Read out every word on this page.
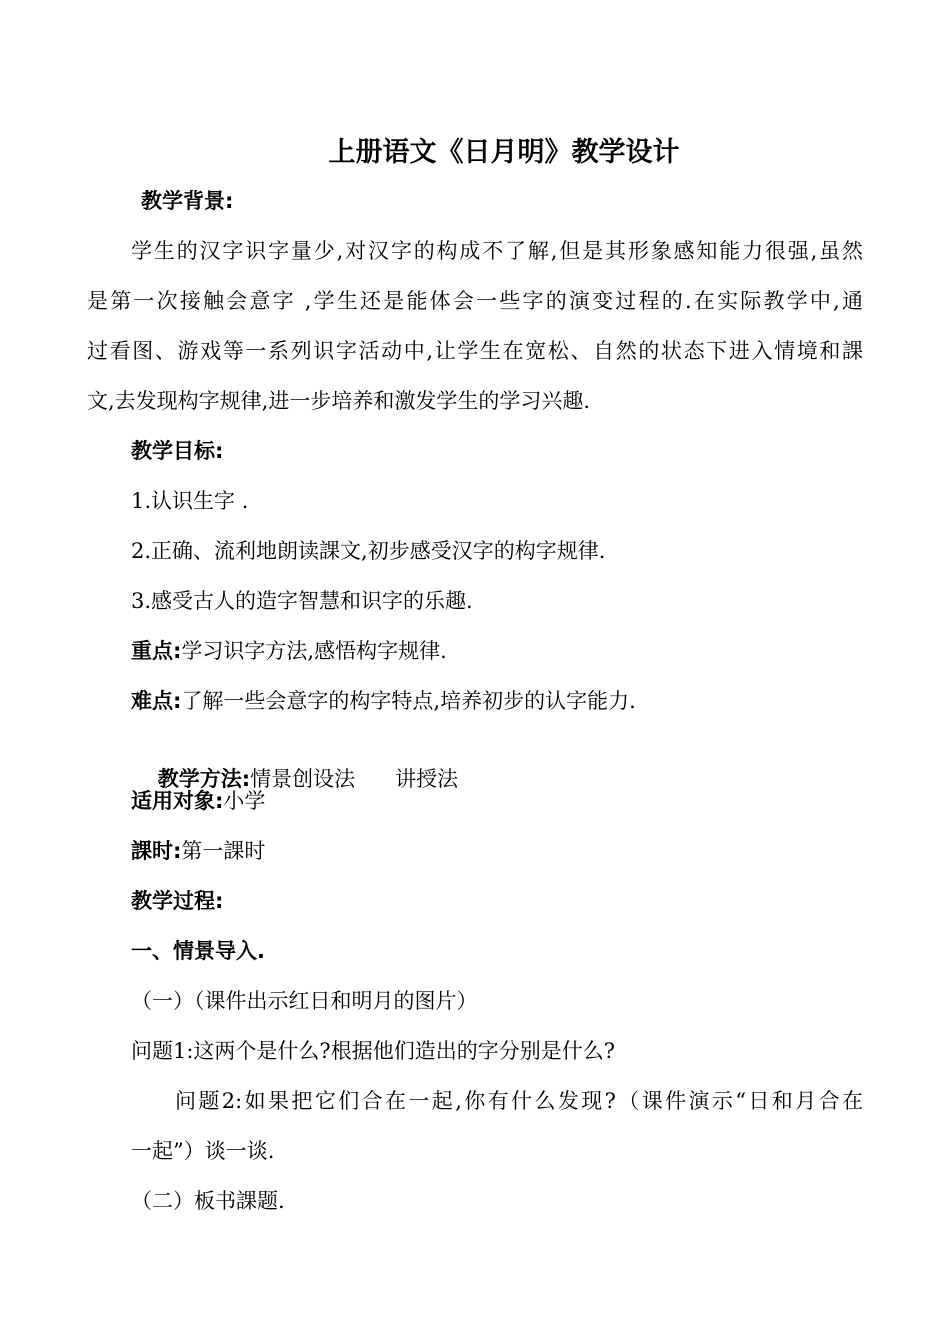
上册语文《日月明》教学设计
教学背景:
学生的汉字识字量少,对汉字的构成不了解,但是其形象感知能力很强,虽然
是第一次接触会意字 ,学生还是能体会一些字的演变过程的.在实际教学中,通
过看图、游戏等一系列识字活动中,让学生在宽松、自然的状态下进入情境和課
文,去发现构字规律,进一步培养和激发学生的学习兴趣.
教学目标:
1.认识生字 .
2.正确、流利地朗读課文,初步感受汉字的构字规律.
3.感受古人的造字智慧和识字的乐趣.
重点:学习识字方法,感悟构字规律.
难点:了解一些会意字的构字特点,培养初步的认字能力.

教学方法:情景创设法      讲授法

适用对象:小学
課时:第一課时
教学过程:
一、情景导入.
（一）（课件出示红日和明月的图片）
问题1:这两个是什么?根据他们造出的字分别是什么?
问题2:如果把它们合在一起,你有什么发现?（课件演示“日和月合在
一起”）谈一谈.
（二）板书課题.
